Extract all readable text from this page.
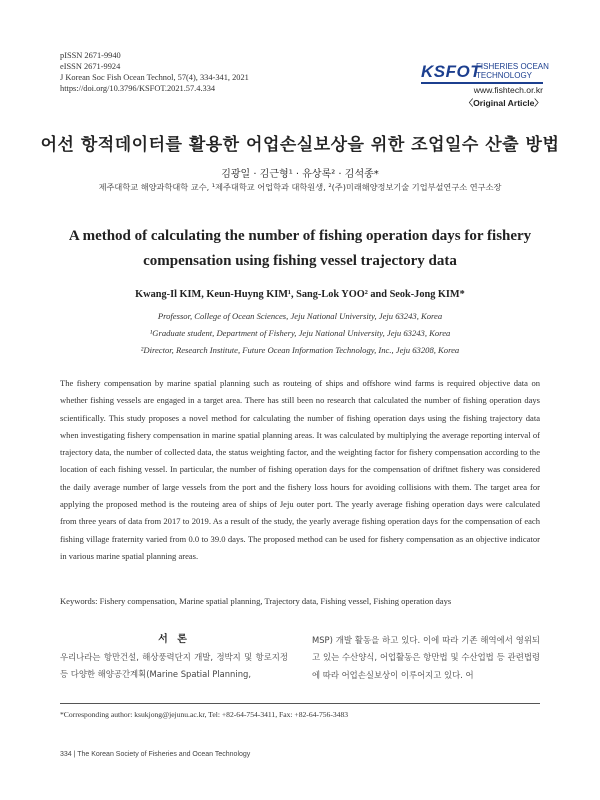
pISSN 2671-9940
eISSN 2671-9924
J Korean Soc Fish Ocean Technol, 57(4), 334-341, 2021
https://doi.org/10.3796/KSFOT.2021.57.4.334
KSFOT
FISHERIES OCEAN
TECHNOLOGY
www.fishtech.or.kr
〈Original Article〉
어선 항적데이터를 활용한 어업손실보상을 위한 조업일수 산출 방법
김광일 · 김근형¹ · 유상록² · 김석종*
제주대학교 해양과학대학 교수, ¹제주대학교 어업학과 대학원생, ²(주)미래해양정보기술 기업부설연구소 연구소장
A method of calculating the number of fishing operation days for fishery
compensation using fishing vessel trajectory data
Kwang-Il KIM, Keun-Huyng KIM¹, Sang-Lok YOO² and Seok-Jong KIM*
Professor, College of Ocean Sciences, Jeju National University, Jeju 63243, Korea
¹Graduate student, Department of Fishery, Jeju National University, Jeju 63243, Korea
²Director, Research Institute, Future Ocean Information Technology, Inc., Jeju 63208, Korea
The fishery compensation by marine spatial planning such as routeing of ships and offshore wind farms is required objective data on whether fishing vessels are engaged in a target area. There has still been no research that calculated the number of fishing operation days scientifically. This study proposes a novel method for calculating the number of fishing operation days using the fishing trajectory data when investigating fishery compensation in marine spatial planning areas. It was calculated by multiplying the average reporting interval of trajectory data, the number of collected data, the status weighting factor, and the weighting factor for fishery compensation according to the location of each fishing vessel. In particular, the number of fishing operation days for the compensation of driftnet fishery was considered the daily average number of large vessels from the port and the fishery loss hours for avoiding collisions with them. The target area for applying the proposed method is the routeing area of ships of Jeju outer port. The yearly average fishing operation days were calculated from three years of data from 2017 to 2019. As a result of the study, the yearly average fishing operation days for the compensation of each fishing village fraternity varied from 0.0 to 39.0 days. The proposed method can be used for fishery compensation as an objective indicator in various marine spatial planning areas.
Keywords: Fishery compensation, Marine spatial planning, Trajectory data, Fishing vessel, Fishing operation days
서 론
우리나라는 항만건설, 해상풍력단지 개발, 정박지 및 항로지정 등 다양한 해양공간계획(Marine Spatial Planning,
MSP) 개발 활동을 하고 있다. 이에 따라 기존 해역에서 영위되고 있는 수산양식, 어업활동은 항만법 및 수산업법 등 관련법령에 따라 어업손실보상이 이루어지고 있다. 어
*Corresponding author: ksukjong@jejunu.ac.kr, Tel: +82-64-754-3411, Fax: +82-64-756-3483
334 | The Korean Society of Fisheries and Ocean Technology
